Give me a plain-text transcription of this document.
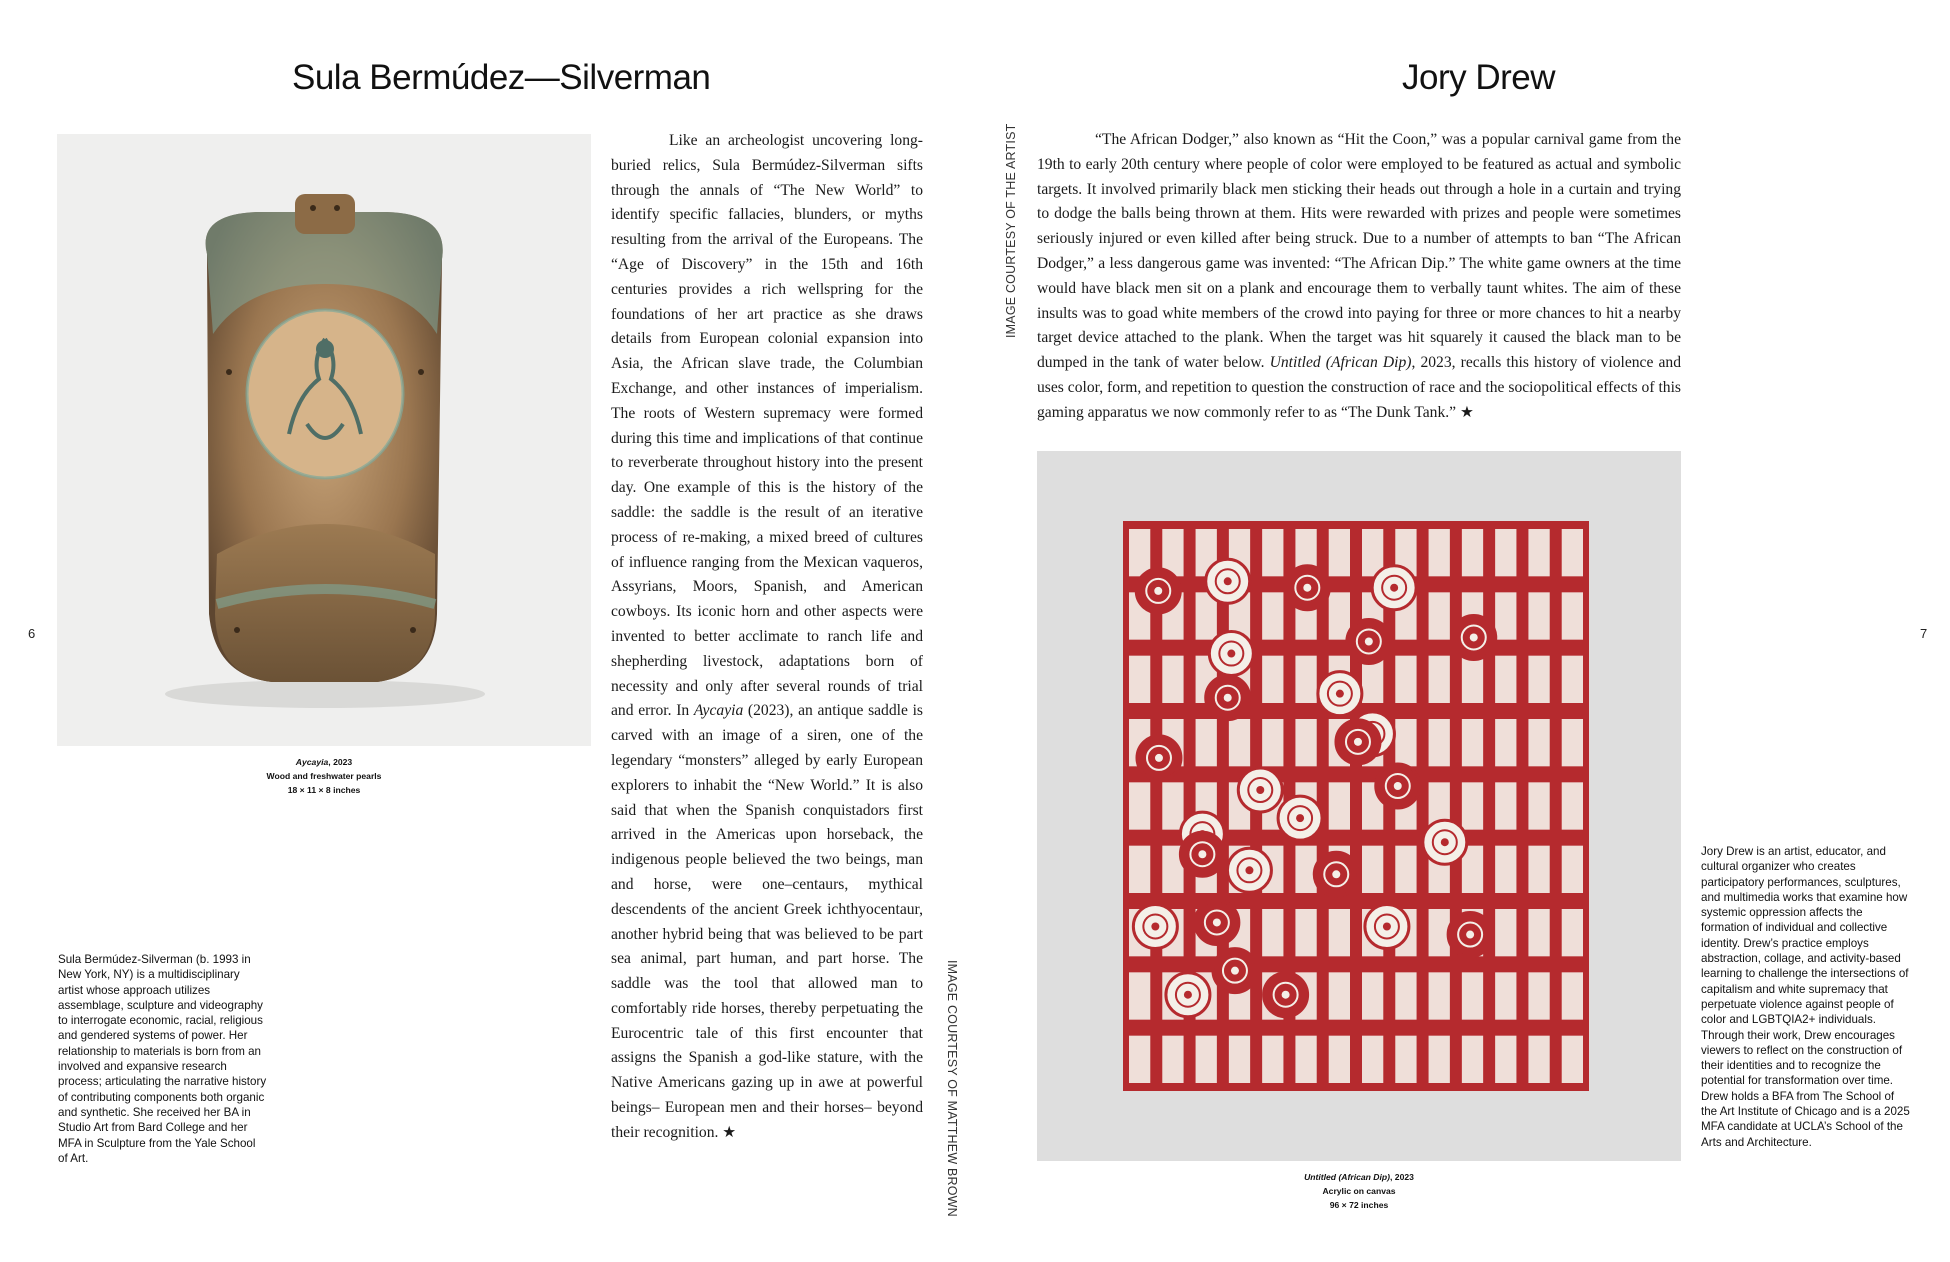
Sula Bermúdez—Silverman
6
Aycayia, 2023
Wood and freshwater pearls
18 × 11 × 8 inches
Sula Bermúdez-Silverman (b. 1993 in New York, NY) is a multidisciplinary artist whose approach utilizes assemblage, sculpture and videography to interrogate economic, racial, religious and gendered systems of power. Her relationship to materials is born from an involved and expansive research process; articulating the narrative history of contributing components both organic and synthetic. She received her BA in Studio Art from Bard College and her MFA in Sculpture from the Yale School of Art.

Like an archeologist uncovering long-buried relics, Sula Bermúdez-Silverman sifts through the annals of “The New World” to identify specific fallacies, blunders, or myths resulting from the arrival of the Europeans. The “Age of Discovery” in the 15th and 16th centuries provides a rich wellspring for the foundations of her art practice as she draws details from European colonial expansion into Asia, the African slave trade, the Columbian Exchange, and other instances of imperialism. The roots of Western supremacy were formed during this time and implications of that continue to reverberate throughout history into the present day. One example of this is the history of the saddle: the saddle is the result of an iterative process of re-making, a mixed breed of cultures of influence ranging from the Mexican vaqueros, Assyrians, Moors, Spanish, and American cowboys. Its iconic horn and other aspects were invented to better acclimate to ranch life and shepherding livestock, adaptations born of necessity and only after several rounds of trial and error. In Aycayia (2023), an antique saddle is carved with an image of a siren, one of the legendary “monsters” alleged by early European explorers to inhabit the “New World.” It is also said that when the Spanish conquistadors first arrived in the Americas upon horseback, the indigenous people believed the two beings, man and horse, were one–centaurs, mythical descendents of the ancient Greek ichthyocentaur, another hybrid being that was believed to be part sea animal, part human, and part horse. The saddle was the tool that allowed man to comfortably ride horses, thereby perpetuating the Eurocentric tale of this first encounter that assigns the Spanish a god-like stature, with the Native Americans gazing up in awe at powerful beings– European men and their horses– beyond their recognition. ★	IMAGE COURTESY OF MATTHEW BROWN
IMAGE COURTESY OF THE ARTIST
Jory Drew
7

“The African Dodger,” also known as “Hit the Coon,” was a popular carnival game from the 19th to early 20th century where people of color were employed to be featured as actual and symbolic targets. It involved primarily black men sticking their heads out through a hole in a curtain and trying to dodge the balls being thrown at them. Hits were rewarded with prizes and people were sometimes seriously injured or even killed after being struck. Due to a number of attempts to ban “The African Dodger,” a less dangerous game was invented: “The African Dip.” The white game owners at the time would have black men sit on a plank and encourage them to verbally taunt whites. The aim of these insults was to goad white members of the crowd into paying for three or more chances to hit a nearby target device attached to the plank. When the target was hit squarely it caused the black man to be dumped in the tank of water below. Untitled (African Dip), 2023, recalls this history of violence and uses color, form, and repetition to question the construction of race and the sociopolitical effects of this gaming apparatus we now commonly refer to as “The Dunk Tank.” ★

Untitled (African Dip), 2023
Acrylic on canvas
96 × 72 inches
Jory Drew is an artist, educator, and cultural organizer who creates participatory performances, sculptures, and multimedia works that examine how systemic oppression affects the formation of individual and collective identity. Drew’s practice employs abstraction, collage, and activity-based learning to challenge the intersections of capitalism and white supremacy that perpetuate violence against people of color and LGBTQIA2+ individuals. Through their work, Drew encourages viewers to reflect on the construction of their identities and to recognize the potential for transformation over time. Drew holds a BFA from The School of the Art Institute of Chicago and is a 2025 MFA candidate at UCLA’s School of the Arts and Architecture.
